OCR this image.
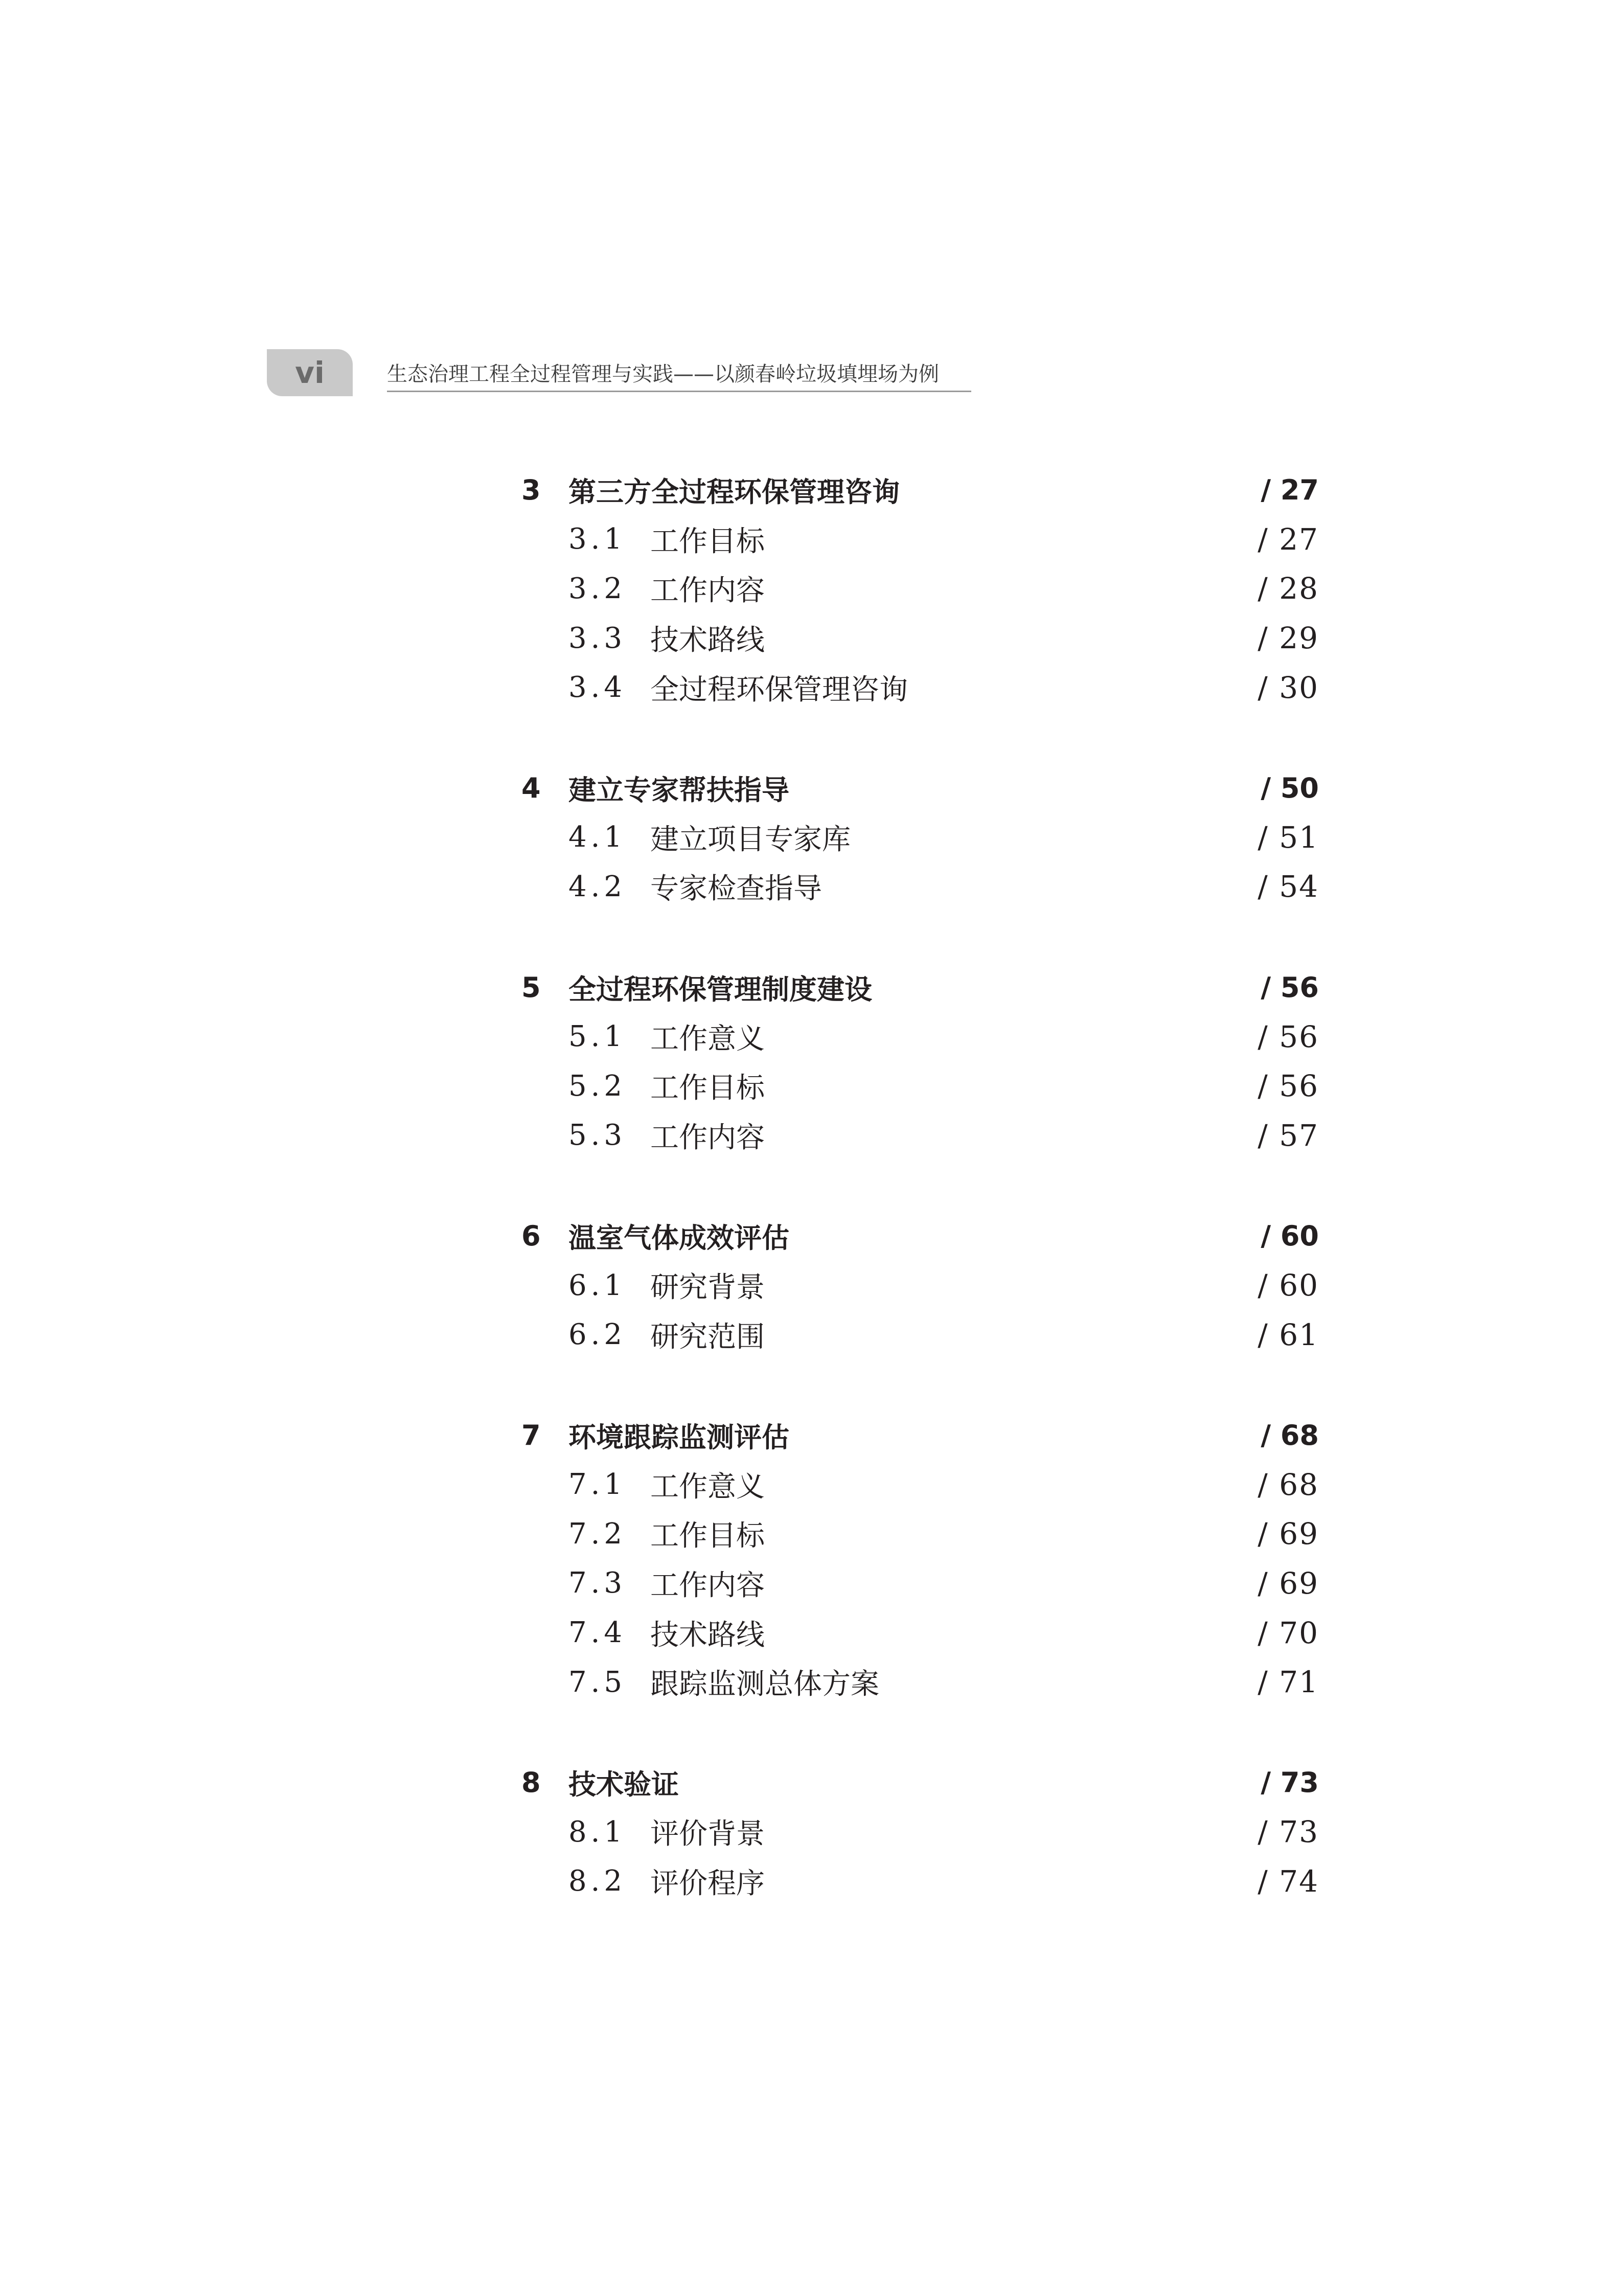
vi	生态治理工程全过程管理与实践——以颜春岭垃圾填埋场为例
3	第三方全过程环保管理咨询	/ 27
3.1 工作目标	/ 27
3.2 工作内容	/ 28
3.3 技术路线	/ 29
3.4 全过程环保管理咨询	/ 30
4	建立专家帮扶指导	/ 50
4.1 建立项目专家库	/ 51
4.2 专家检查指导	/ 54
5	全过程环保管理制度建设	/ 56
5.1 工作意义	/ 56
5.2 工作目标	/ 56
5.3 工作内容	/ 57
6	温室气体成效评估	/ 60
6.1 研究背景	/ 60
6.2 研究范围	/ 61
7	环境跟踪监测评估	/ 68
7.1 工作意义	/ 68
7.2 工作目标	/ 69
7.3 工作内容	/ 69
7.4 技术路线	/ 70
7.5 跟踪监测总体方案	/ 71
8	技术验证	/ 73
8.1 评价背景	/ 73
8.2 评价程序	/ 74
